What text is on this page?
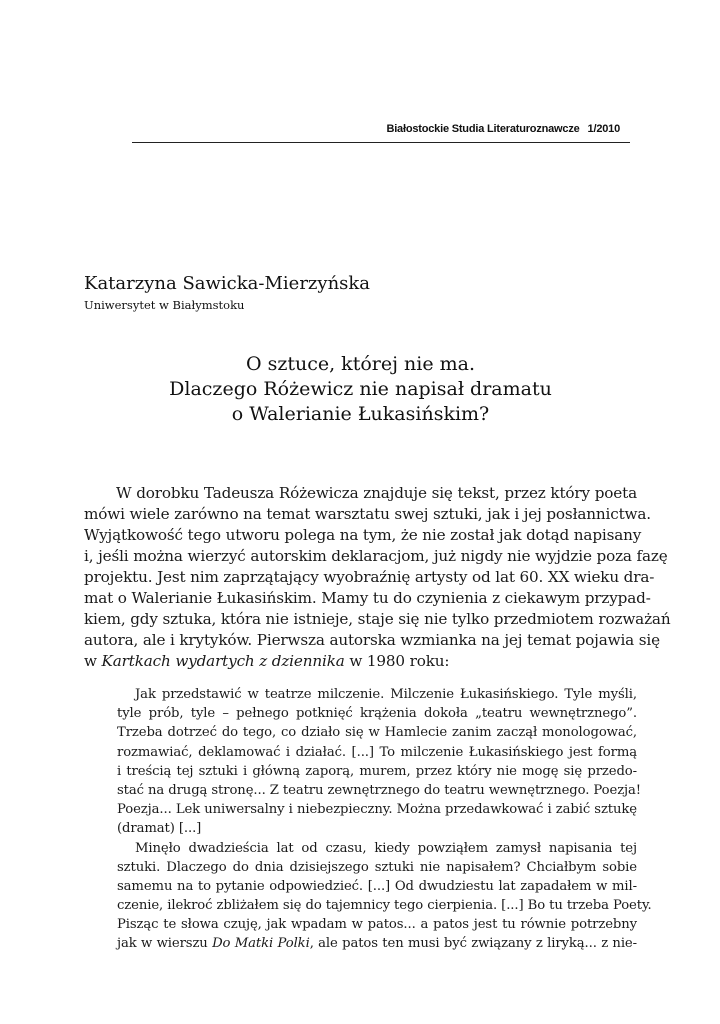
Białostockie Studia Literaturoznawcze 1/2010
Katarzyna Sawicka-Mierzyńska
Uniwersytet w Białymstoku
O sztuce, której nie ma.
Dlaczego Różewicz nie napisał dramatu
o Walerianie Łukasińskim?
W dorobku Tadeusza Różewicza znajduje się tekst, przez który poeta
mówi wiele zarówno na temat warsztatu swej sztuki, jak i jej posłannictwa.
Wyjątkowość tego utworu polega na tym, że nie został jak dotąd napisany
i, jeśli można wierzyć autorskim deklaracjom, już nigdy nie wyjdzie poza fazę
projektu. Jest nim zaprzątający wyobraźnię artysty od lat 60. XX wieku dra-
mat o Walerianie Łukasińskim. Mamy tu do czynienia z ciekawym przypad-
kiem, gdy sztuka, która nie istnieje, staje się nie tylko przedmiotem rozważań
autora, ale i krytyków. Pierwsza autorska wzmianka na jej temat pojawia się
w Kartkach wydartych z dziennika w 1980 roku:
Jak przedstawić w teatrze milczenie. Milczenie Łukasińskiego. Tyle myśli,
tyle prób, tyle – pełnego potknięć krążenia dokoła „teatru wewnętrznego”.
Trzeba dotrzeć do tego, co działo się w Hamlecie zanim zaczął monologować,
rozmawiać, deklamować i działać. [...] To milczenie Łukasińskiego jest formą
i treścią tej sztuki i główną zaporą, murem, przez który nie mogę się przedo-
stać na drugą stronę... Z teatru zewnętrznego do teatru wewnętrznego. Poezja!
Poezja... Lek uniwersalny i niebezpieczny. Można przedawkować i zabić sztukę
(dramat) [...]
Minęło dwadzieścia lat od czasu, kiedy powziąłem zamysł napisania tej
sztuki. Dlaczego do dnia dzisiejszego sztuki nie napisałem? Chciałbym sobie
samemu na to pytanie odpowiedzieć. [...] Od dwudziestu lat zapadałem w mil-
czenie, ilekroć zbliżałem się do tajemnicy tego cierpienia. [...] Bo tu trzeba Poety.
Pisząc te słowa czuję, jak wpadam w patos... a patos jest tu równie potrzebny
jak w wierszu Do Matki Polki, ale patos ten musi być związany z liryką... z nie-
